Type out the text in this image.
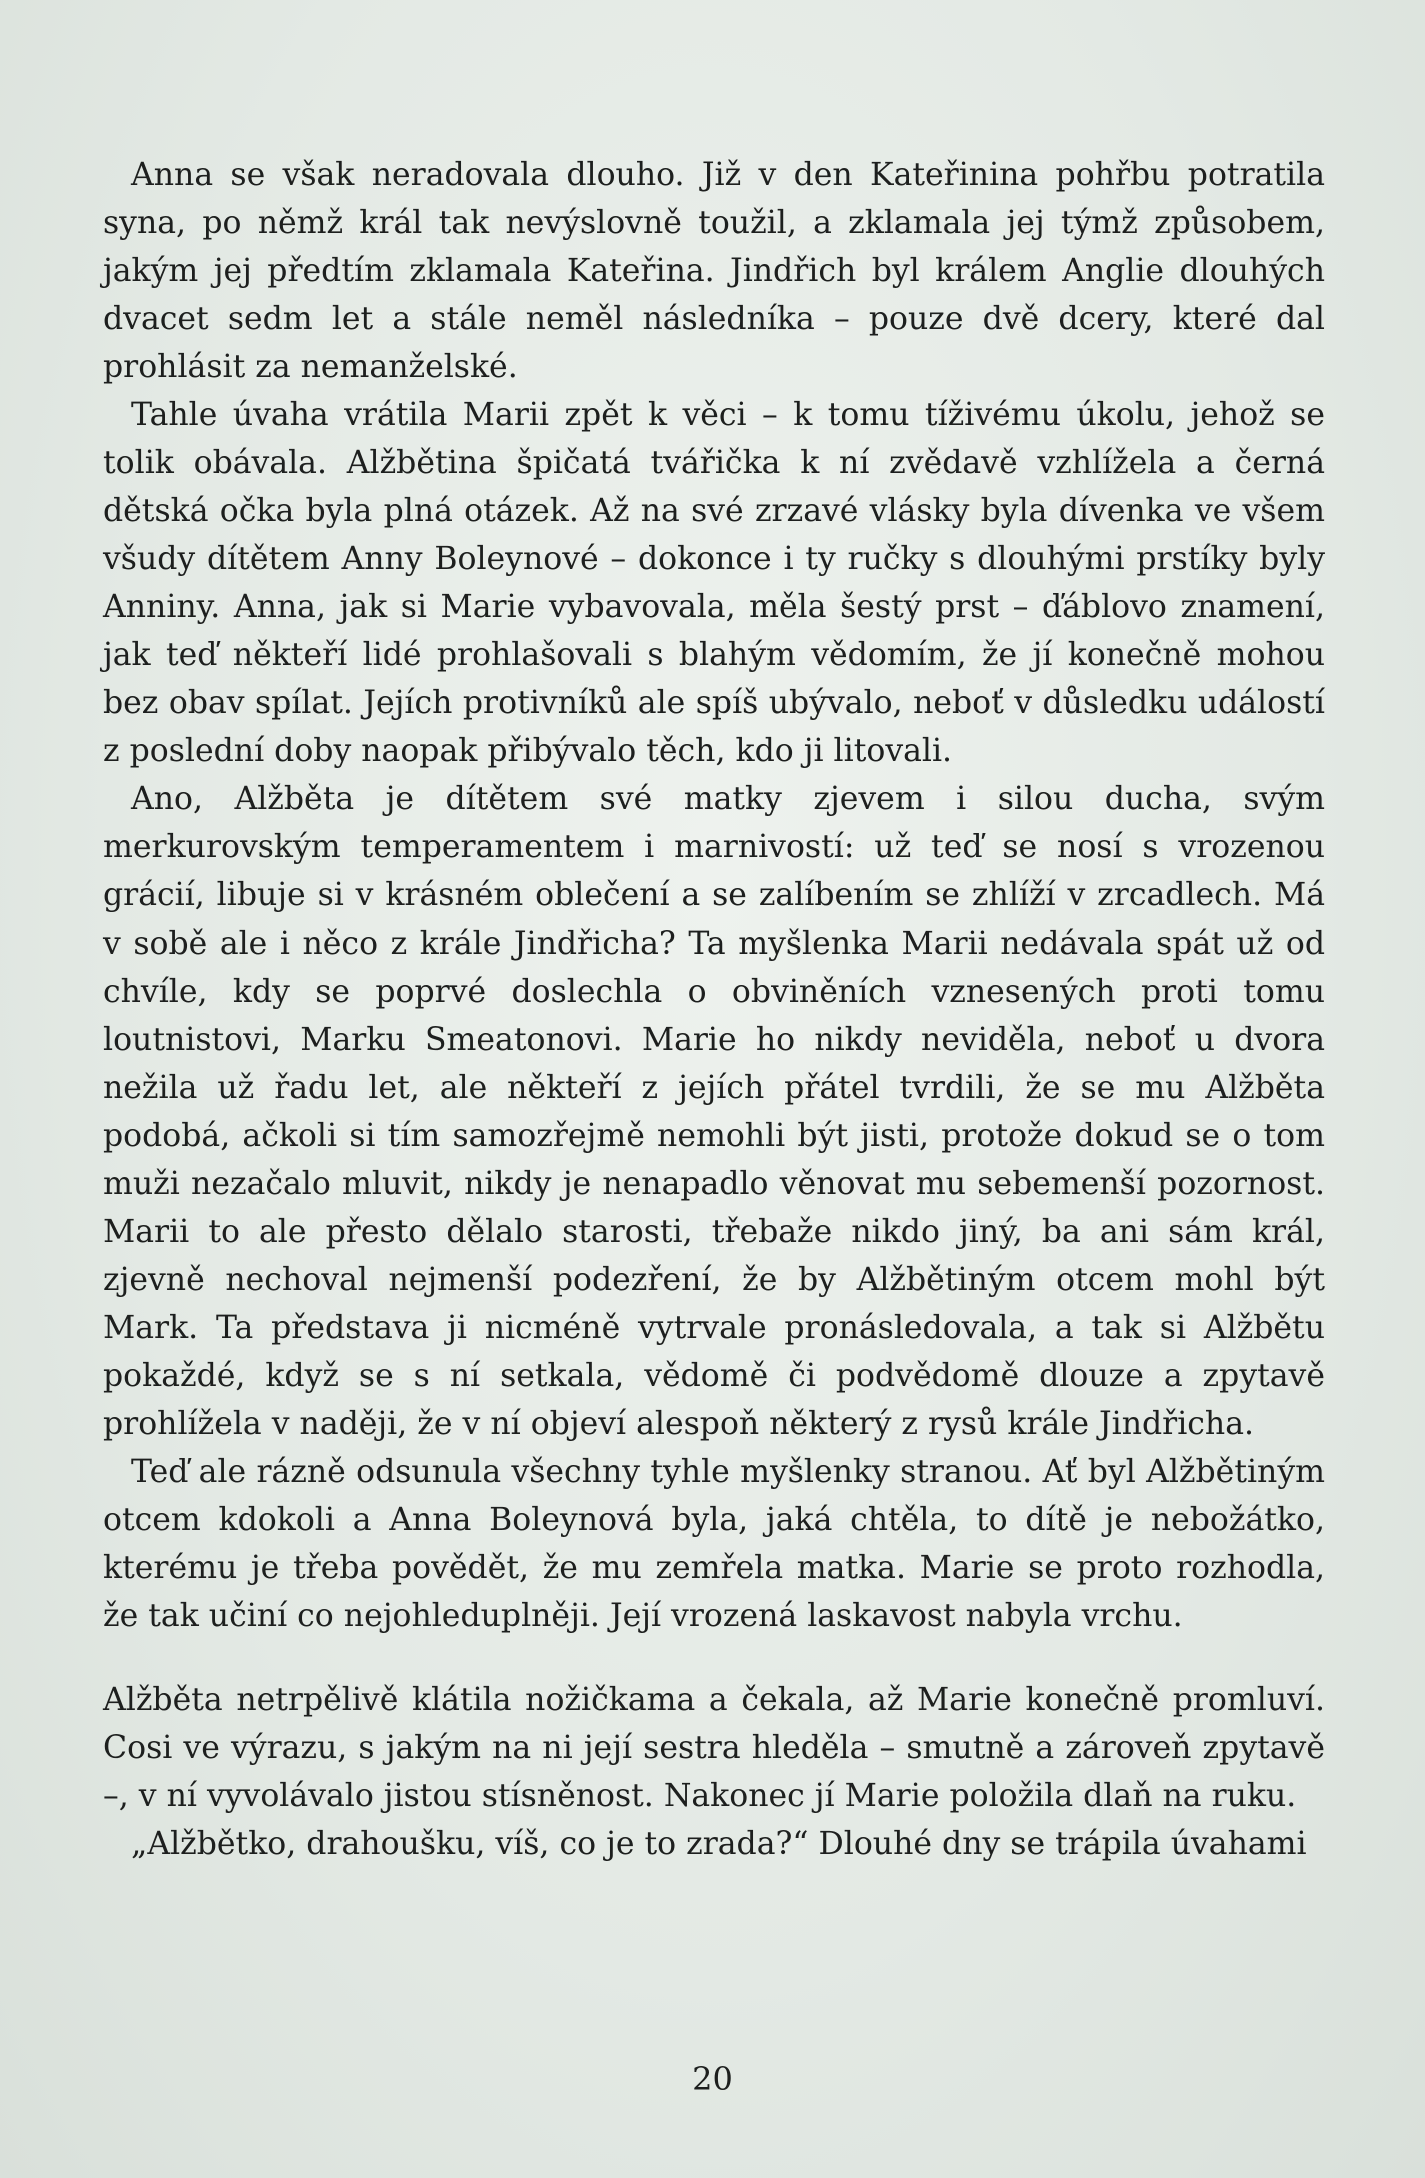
Anna se však neradovala dlouho. Již v den Kateřinina pohřbu potratila syna, po němž král tak nevýslovně toužil, a zklamala jej týmž způsobem, jakým jej předtím zklamala Kateřina. Jindřich byl králem Anglie dlouhých dvacet sedm let a stále neměl následníka – pouze dvě dcery, které dal prohlásit za nemanželské.

Tahle úvaha vrátila Marii zpět k věci – k tomu tíživému úkolu, jehož se tolik obávala. Alžbětina špičatá tvářička k ní zvědavě vzhlížela a černá dětská očka byla plná otázek. Až na své zrzavé vlásky byla dívenka ve všem všudy dítětem Anny Boleynové – dokonce i ty ručky s dlouhými prstíky byly Anniny. Anna, jak si Marie vybavovala, měla šestý prst – ďáblovo znamení, jak teď někteří lidé prohlašovali s blahým vědomím, že jí konečně mohou bez obav spílat. Jejích protivníků ale spíš ubývalo, neboť v důsledku událostí z poslední doby naopak přibývalo těch, kdo ji litovali.

Ano, Alžběta je dítětem své matky zjevem i silou ducha, svým merkurovským temperamentem i marnivostí: už teď se nosí s vrozenou grácií, libuje si v krásném oblečení a se zalíbením se zhlíží v zrcadlech. Má v sobě ale i něco z krále Jindřicha? Ta myšlenka Marii nedávala spát už od chvíle, kdy se poprvé doslechla o obviněních vznesených proti tomu loutnistovi, Marku Smeatonovi. Marie ho nikdy neviděla, neboť u dvora nežila už řadu let, ale někteří z jejích přátel tvrdili, že se mu Alžběta podobá, ačkoli si tím samozřejmě nemohli být jisti, protože dokud se o tom muži nezačalo mluvit, nikdy je nenapadlo věnovat mu sebemenší pozornost. Marii to ale přesto dělalo starosti, třebaže nikdo jiný, ba ani sám král, zjevně nechoval nejmenší podezření, že by Alžbětiným otcem mohl být Mark. Ta představa ji nicméně vytrvale pronásledovala, a tak si Alžbětu pokaždé, když se s ní setkala, vědomě či podvědomě dlouze a zpytavě prohlížela v naději, že v ní objeví alespoň některý z rysů krále Jindřicha.

Teď ale rázně odsunula všechny tyhle myšlenky stranou. Ať byl Alžbětiným otcem kdokoli a Anna Boleynová byla, jaká chtěla, to dítě je nebožátko, kterému je třeba povědět, že mu zemřela matka. Marie se proto rozhodla, že tak učiní co nejohleduplněji. Její vrozená laskavost nabyla vrchu.

Alžběta netrpělivě klátila nožičkama a čekala, až Marie konečně promluví. Cosi ve výrazu, s jakým na ni její sestra hleděla – smutně a zároveň zpytavě –, v ní vyvolávalo jistou stísněnost. Nakonec jí Marie položila dlaň na ruku.

„Alžbětko, drahoušku, víš, co je to zrada?“ Dlouhé dny se trápila úvahami

20
